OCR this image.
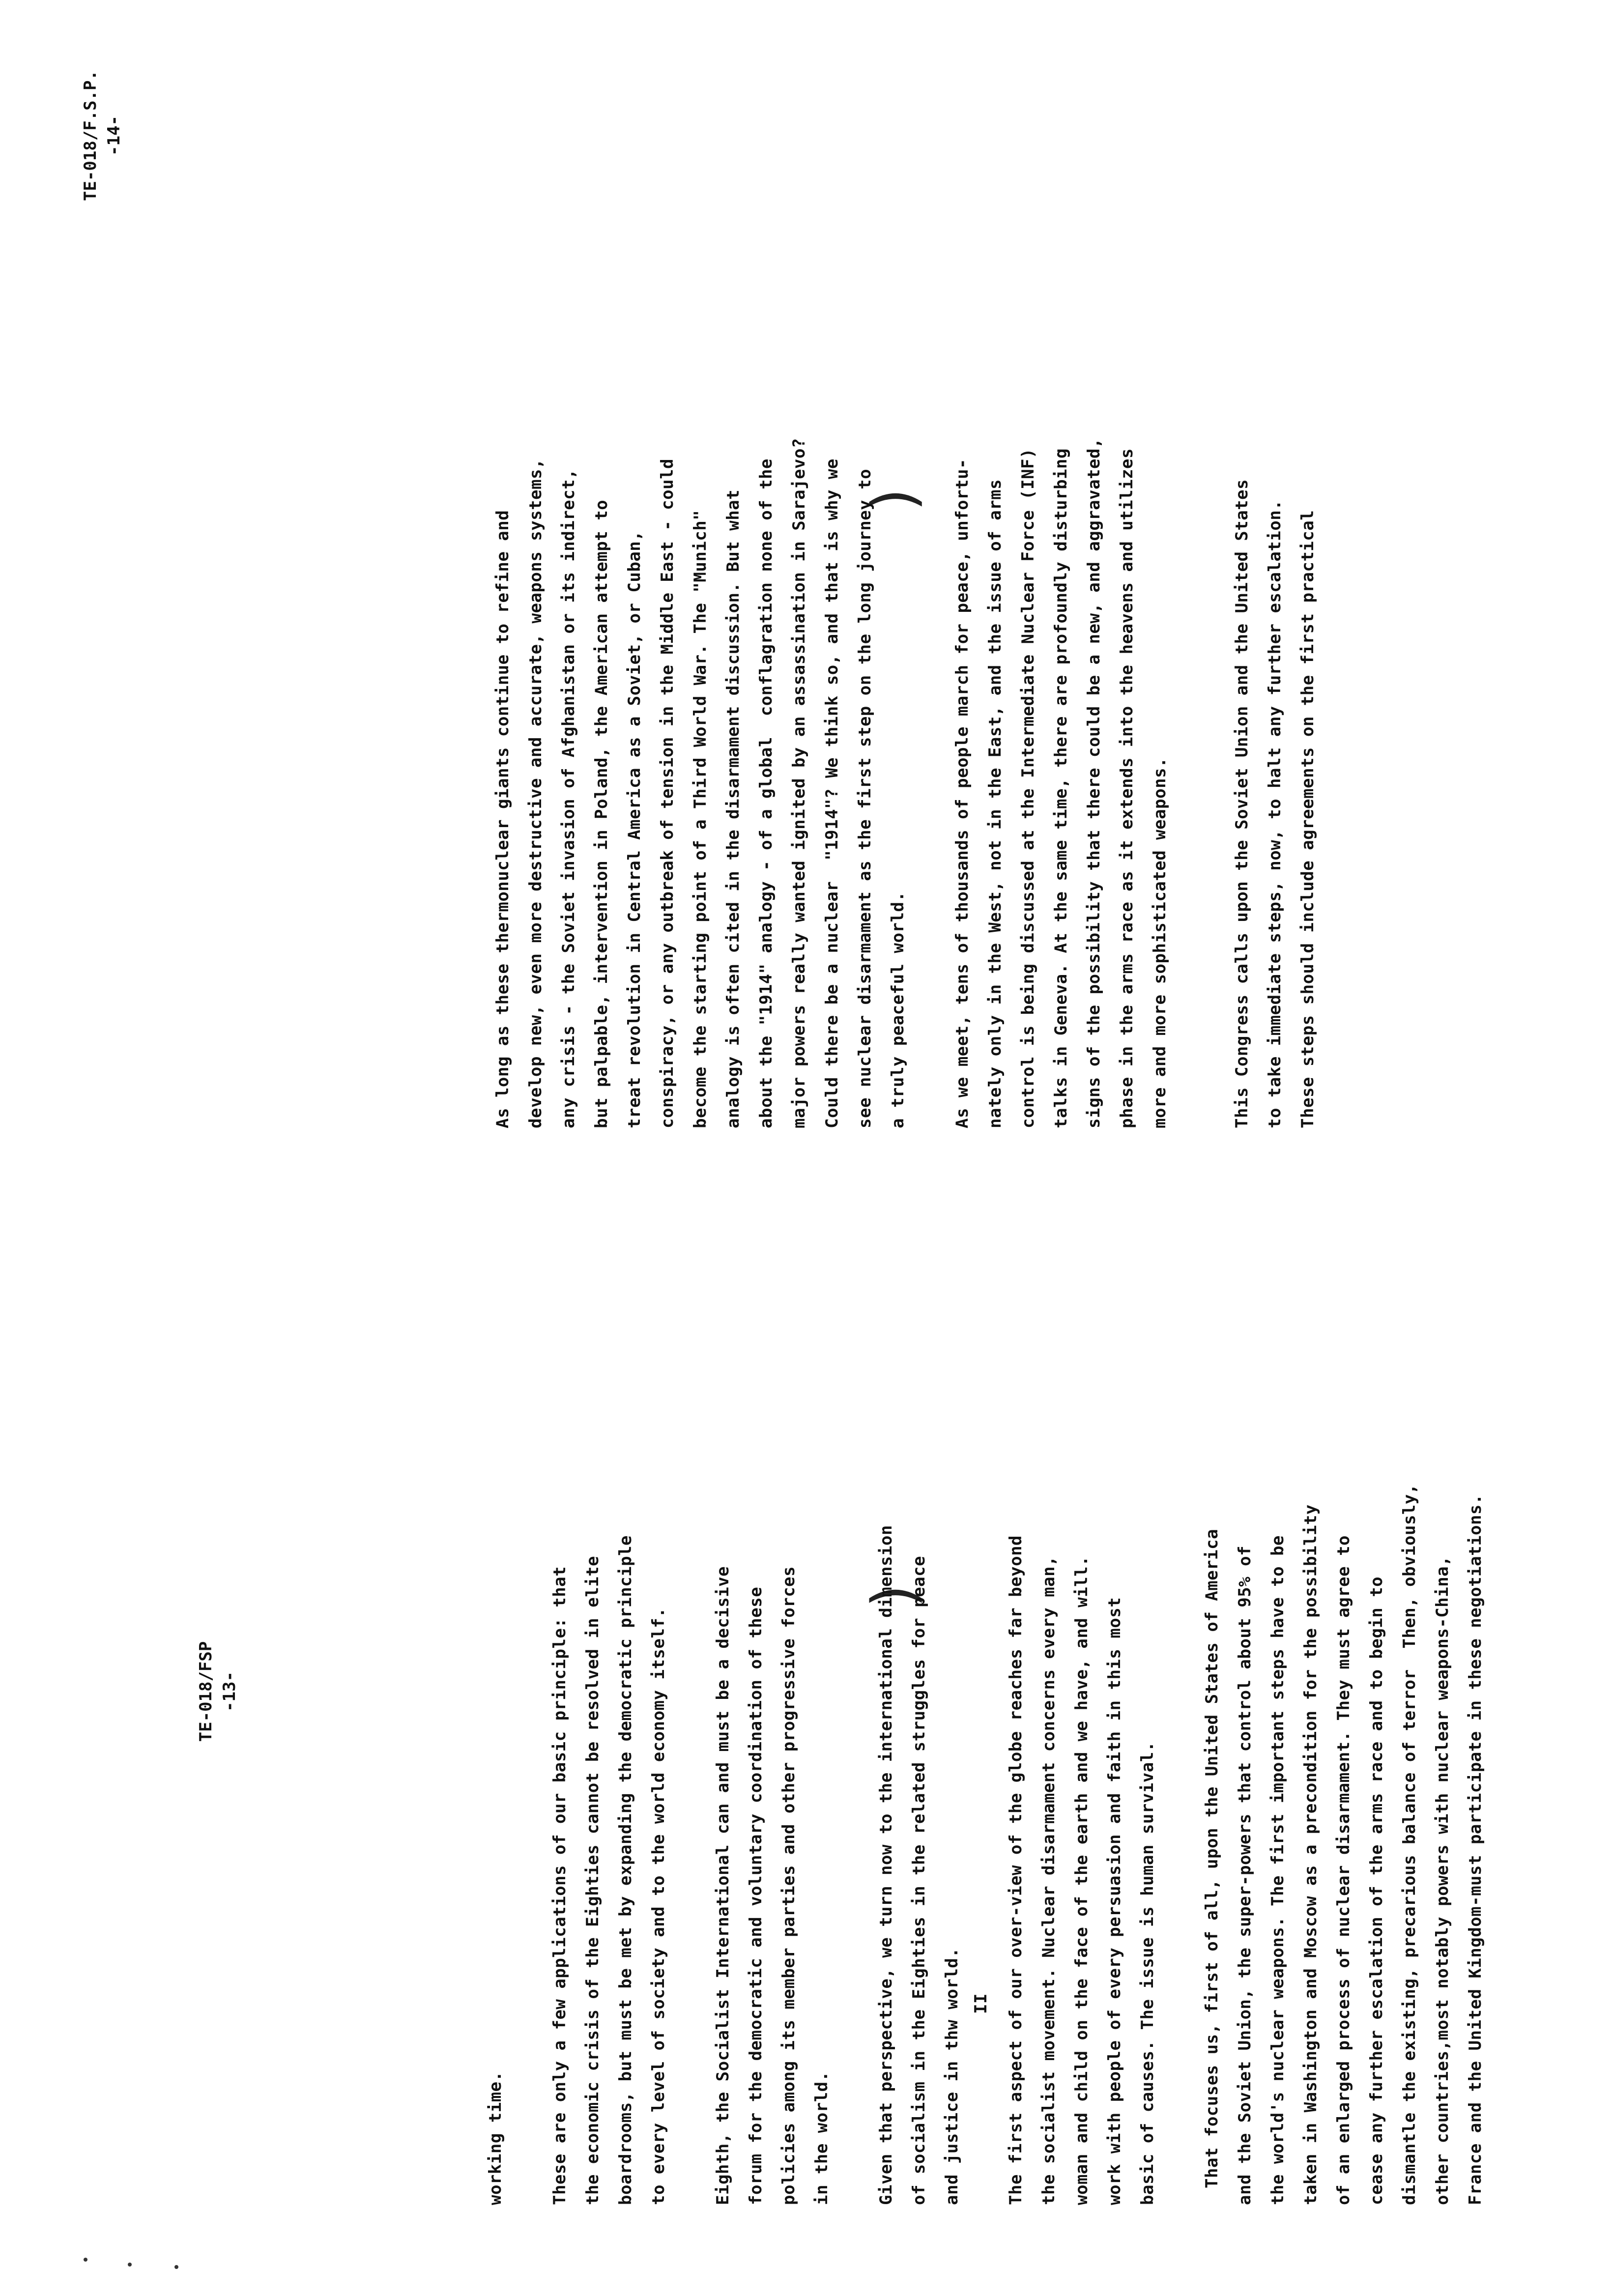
TE-018/FSP -13-
)
working time.	These are only a few applications of our basic principle: that the economic crisis of the Eighties cannot be resolved in elite boardrooms, but must be met by expanding the democratic principle to every level of society and to the world economy itself.	Eighth, the Socialist International can and must be a decisive forum for the democratic and voluntary coordination of these policies among its member parties and other progressive forces in the world.	Given that perspective, we turn now to the international dimension of socialism in the Eighties in the related struggles for peace and justice in thw world. II The first aspect of our over-view of the globe reaches far beyond the socialist movement. Nuclear disarmament concerns every man, woman and child on the face of the earth and we have, and will. work with people of every persuasion and faith in this most basic of causes. The issue is human survival.	That focuses us, first of all, upon the United States of America and the Soviet Union, the super-powers that control about 95% of the world's nuclear weapons. The first important steps have to be taken in Washington and Moscow as a precondition for the possibility of an enlarged process of nuclear disarmament. They must agree to cease any further escalation of the arms race and to begin to dismantle the existing, precarious balance of terror  Then, obviously, other countries,most notably powers with nuclear weapons-China, France and the United Kingdom-must participate in these negotiations.
TE-018/F.S.P. -14-
)
As long as these thermonuclear giants continue to refine and develop new, even more destructive and accurate, weapons systems, any crisis - the Soviet invasion of Afghanistan or its indirect, but palpable, intervention in Poland, the American attempt to treat revolution in Central America as a Soviet, or Cuban, conspiracy, or any outbreak of tension in the Middle East - could become the starting point of a Third World War. The "Munich" analogy is often cited in the disarmament discussion. But what about the "1914" analogy - of a global  conflagration none of the major powers really wanted ignited by an assassination in Sarajevo? Could there be a nuclear  "1914"? We think so, and that is why we see nuclear disarmament as the first step on the long journey to a truly peaceful world.	As we meet, tens of thousands of people march for peace, unfortu- nately only in the West, not in the East, and the issue of arms control is being discussed at the Intermediate Nuclear Force (INF) talks in Geneva. At the same time, there are profoundly disturbing signs of the possibility that there could be a new, and aggravated, phase in the arms race as it extends into the heavens and utilizes more and more sophisticated weapons.	This Congress calls upon the Soviet Union and the United States to take immediate steps, now, to halt any further escalation. These steps should include agreements on the first practical
